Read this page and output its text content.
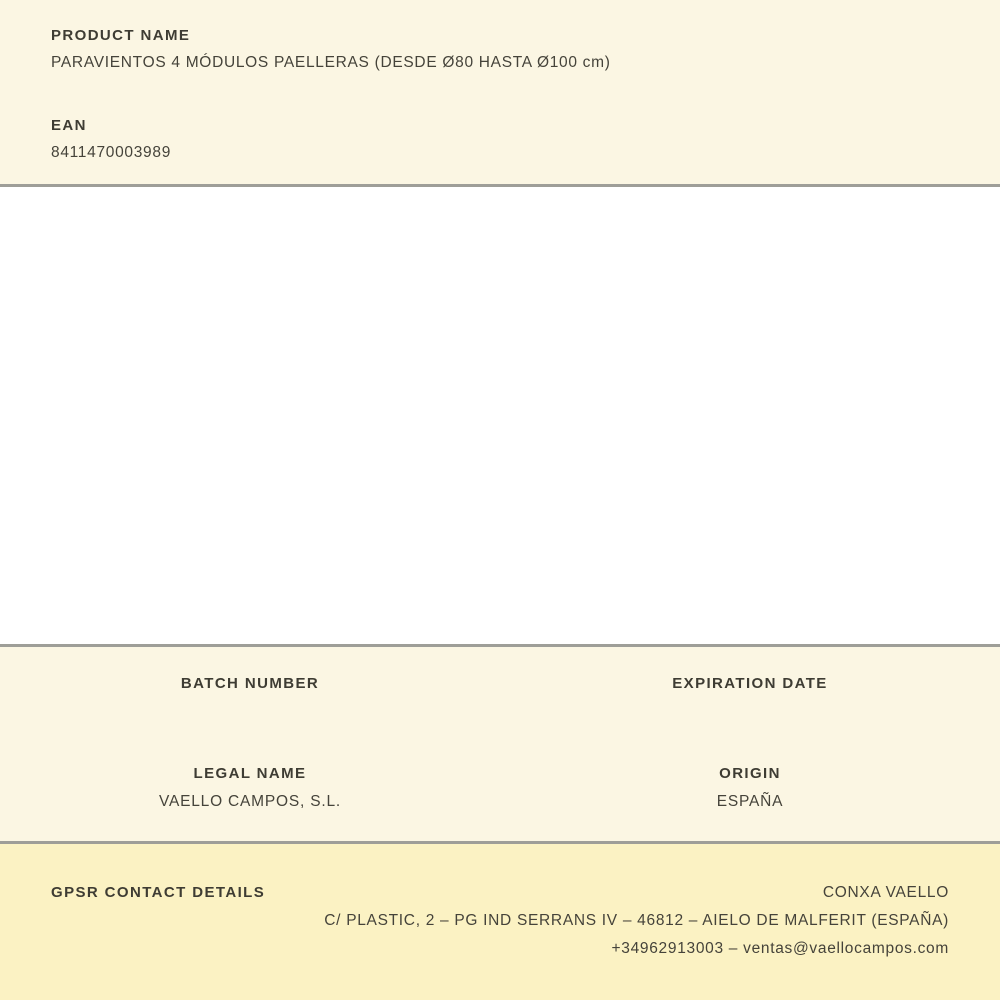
PRODUCT NAME
PARAVIENTOS 4 MÓDULOS PAELLERAS (DESDE Ø80 HASTA Ø100 cm)
EAN
8411470003989
BATCH NUMBER	EXPIRATION DATE
LEGAL NAME
VAELLO CAMPOS, S.L.
ORIGIN
ESPAÑA
GPSR CONTACT DETAILS	CONXA VAELLO
C/ PLASTIC, 2 – PG IND SERRANS IV – 46812 – AIELO DE MALFERIT (ESPAÑA)
+34962913003 – ventas@vaellocampos.com
